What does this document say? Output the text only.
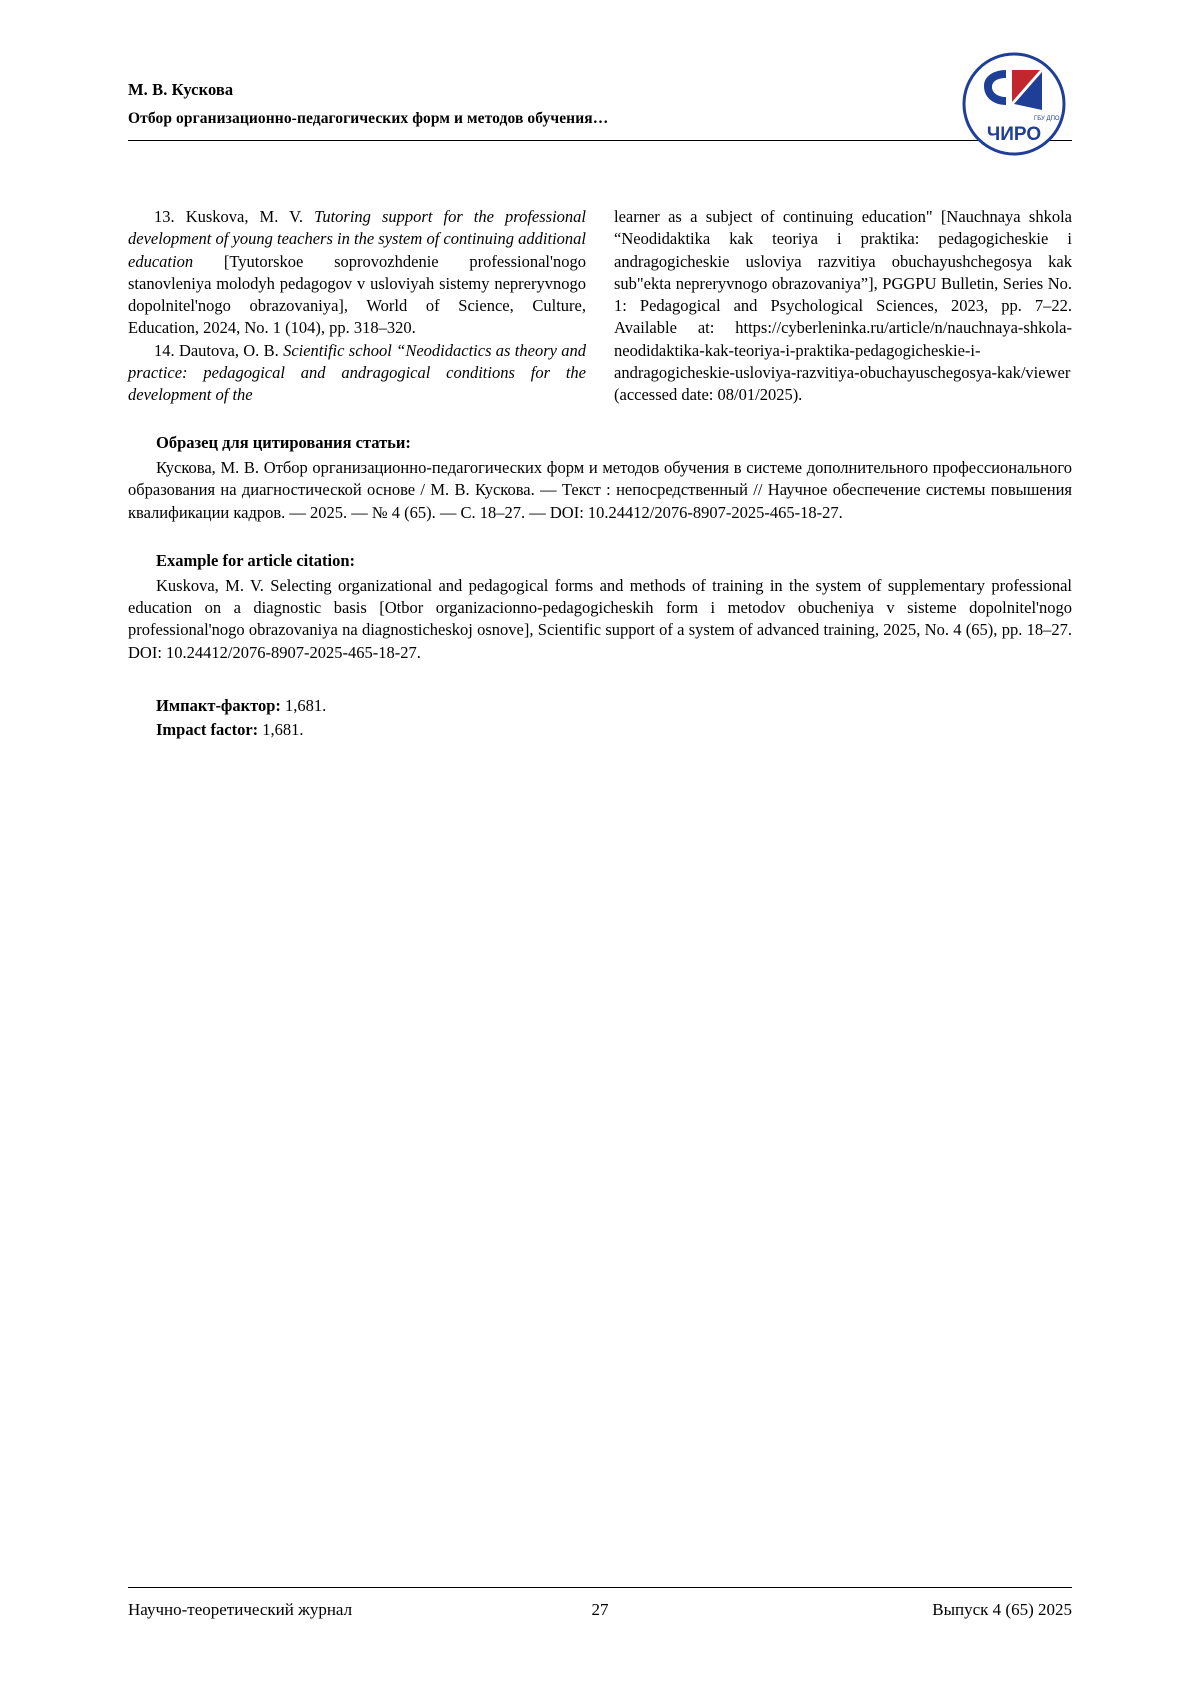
М. В. Кускова
Отбор организационно-педагогических форм и методов обучения…	ГБУ ДПО
ЧИРО

13. Kuskova, M. V. Tutoring support for the professional development of young teachers in the system of continuing additional education [Tyutorskoe soprovozhdenie professional'nogo stanovleniya molodyh pedagogov v usloviyah sistemy nepreryvnogo dopolnitel'nogo obrazovaniya], World of Science, Culture, Education, 2024, No. 1 (104), pp. 318–320.

14. Dautova, O. B. Scientific school “Neodidactics as theory and practice: pedagogical and andragogical conditions for the development of the

learner as a subject of continuing education" [Nauchnaya shkola “Neodidaktika kak teoriya i praktika: pedagogicheskie i andragogicheskie usloviya razvitiya obuchayushchegosya kak sub"ekta nepreryvnogo obrazovaniya”], PGGPU Bulletin, Series No. 1: Pedagogical and Psychological Sciences, 2023, pp. 7–22. Available at: https://cyberleninka.ru/article/n/nauchnaya-shkola-neodidaktika-kak-teoriya-i-praktika-pedagogicheskie-i-andragogicheskie-usloviya-razvitiya-obuchayuschegosya-kak/viewer (accessed date: 08/01/2025).

Образец для цитирования статьи:
Кускова, М. В. Отбор организационно-педагогических форм и методов обучения в системе дополнительного профессионального образования на диагностической основе / М. В. Кускова. — Текст : непосредственный // Научное обеспечение системы повышения квалификации кадров. — 2025. — № 4 (65). — С. 18–27. — DOI: 10.24412/2076-8907-2025-465-18-27.
Example for article citation:
Kuskova, M. V. Selecting organizational and pedagogical forms and methods of training in the system of supplementary professional education on a diagnostic basis [Otbor organizacionno-pedagogicheskih form i metodov obucheniya v sisteme dopolnitel'nogo professional'nogo obrazovaniya na diagnosticheskoj osnove], Scientific support of a system of advanced training, 2025, No. 4 (65), pp. 18–27. DOI: 10.24412/2076-8907-2025-465-18-27.
Импакт-фактор: 1,681.
Impact factor: 1,681.
Научно-теоретический журнал	27	Выпуск 4 (65) 2025
